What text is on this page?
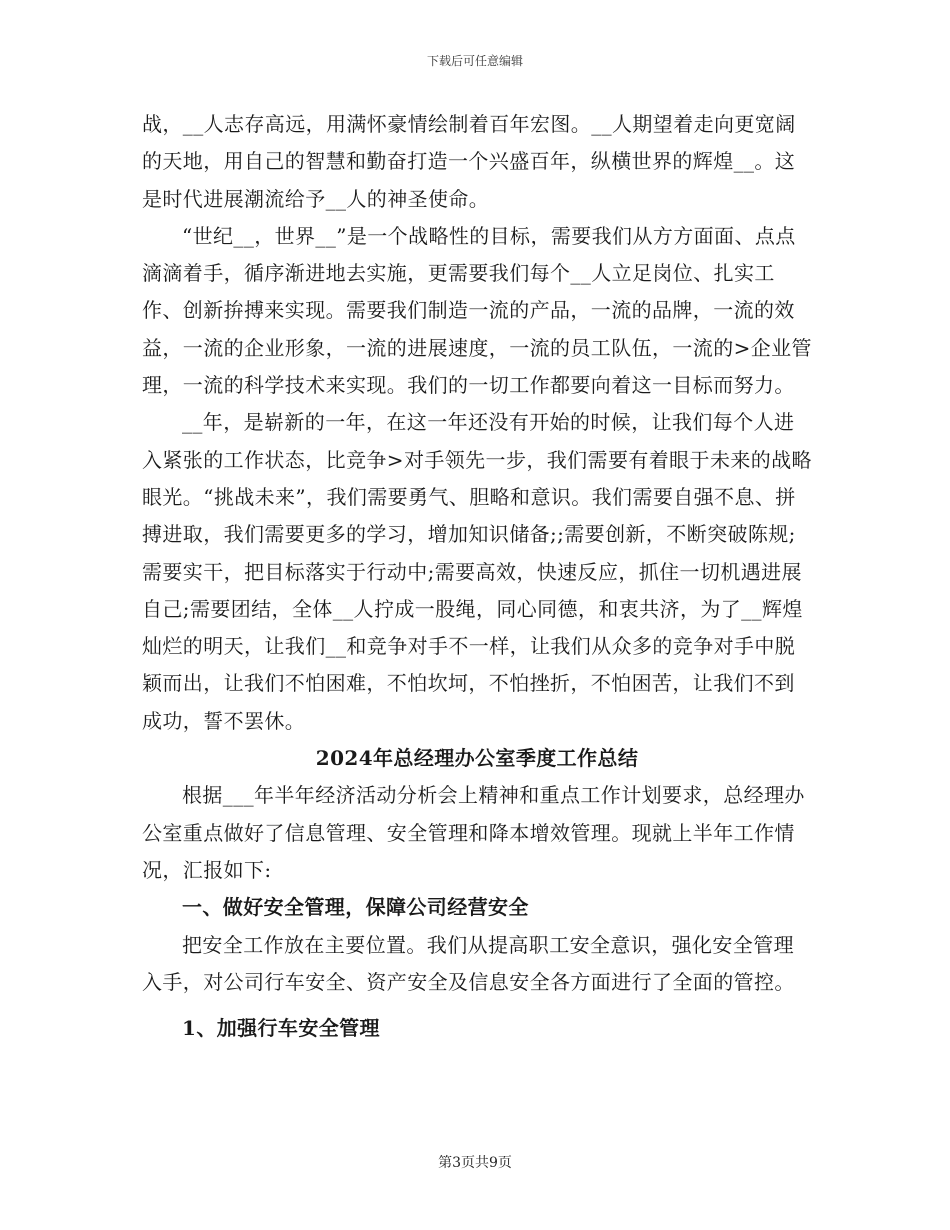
下载后可任意编辑

战，__人志存高远，用满怀豪情绘制着百年宏图。__人期望着走向更宽阔的天地，用自己的智慧和勤奋打造一个兴盛百年，纵横世界的辉煌__。这是时代进展潮流给予__人的神圣使命。

“世纪__，世界__”是一个战略性的目标，需要我们从方方面面、点点滴滴着手，循序渐进地去实施，更需要我们每个__人立足岗位、扎实工作、创新拚搏来实现。需要我们制造一流的产品，一流的品牌，一流的效益，一流的企业形象，一流的进展速度，一流的员工队伍，一流的>企业管理，一流的科学技术来实现。我们的一切工作都要向着这一目标而努力。

__年，是崭新的一年，在这一年还没有开始的时候，让我们每个人进入紧张的工作状态，比竞争>对手领先一步，我们需要有着眼于未来的战略眼光。“挑战未来”，我们需要勇气、胆略和意识。我们需要自强不息、拼搏进取，我们需要更多的学习，增加知识储备;;需要创新，不断突破陈规;需要实干，把目标落实于行动中;需要高效，快速反应，抓住一切机遇进展自己;需要团结，全体__人拧成一股绳，同心同德，和衷共济，为了__辉煌灿烂的明天，让我们__和竞争对手不一样，让我们从众多的竞争对手中脱颖而出，让我们不怕困难，不怕坎坷，不怕挫折，不怕困苦，让我们不到成功，誓不罢休。

2024年总经理办公室季度工作总结

根据___年半年经济活动分析会上精神和重点工作计划要求，总经理办公室重点做好了信息管理、安全管理和降本增效管理。现就上半年工作情况，汇报如下:

一、做好安全管理，保障公司经营安全

把安全工作放在主要位置。我们从提高职工安全意识，强化安全管理入手，对公司行车安全、资产安全及信息安全各方面进行了全面的管控。

1、加强行车安全管理

第3页共9页
